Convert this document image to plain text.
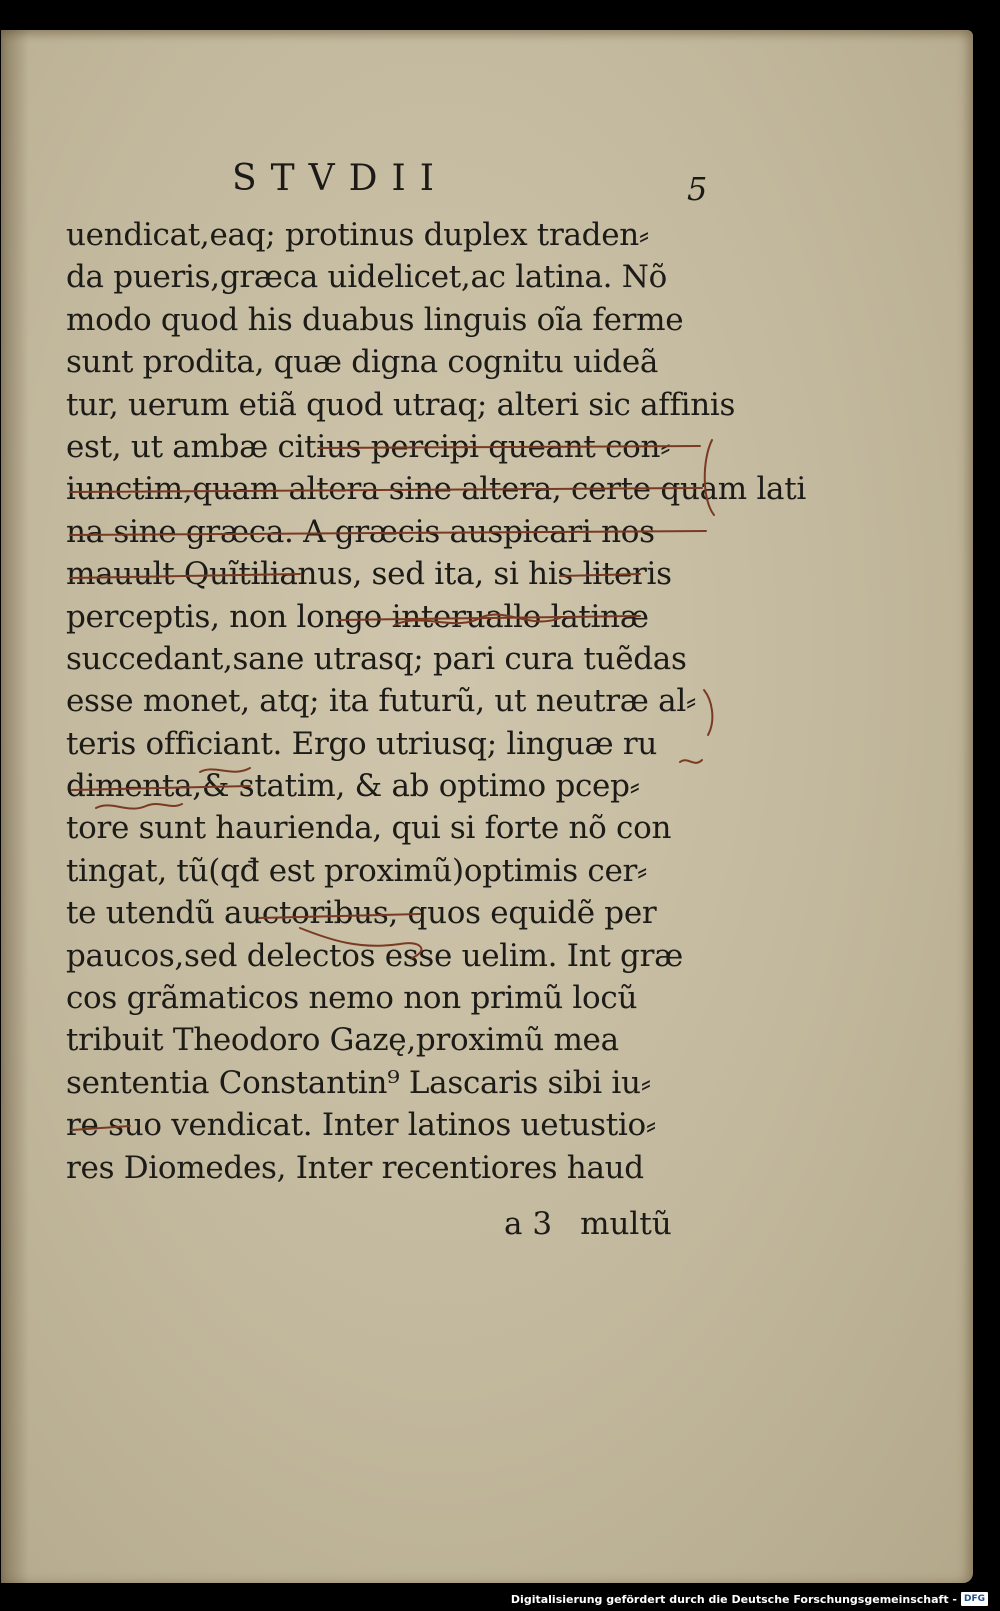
STVDII	5
uendicat,eaq; protinus duplex traden⸗
da pueris,græca uidelicet,ac latina. Nõ
modo quod his duabus linguis oĩa ferme
sunt prodita, quæ digna cognitu uideã
tur, uerum etiã quod utraq; alteri sic affinis
est, ut ambæ citius percipi queant con⸗
iunctim,quam altera sine altera, certe quam lati
na sine græca. A græcis auspicari nos
mauult Quĩtilianus, sed ita, si his literis
perceptis, non longo interuallo latinæ
succedant,sane utrasq; pari cura tuẽdas
esse monet, atq; ita futurũ, ut neutræ al⸗
teris officiant. Ergo utriusq; linguæ ru
dimenta,& statim, & ab optimo pcep⸗
tore sunt haurienda, qui si forte nõ con
tingat, tũ(qđ est proximũ)optimis cer⸗
te utendũ auctoribus, quos equidẽ per
paucos,sed delectos esse uelim. Int græ
cos grãmaticos nemo non primũ locũ
tribuit Theodoro Gazę,proximũ mea
sententia Constantin⁹ Lascaris sibi iu⸗
re suo vendicat. Inter latinos uetustio⸗
res Diomedes, Inter recentiores haud
a 3 multũ
Digitalisierung gefördert durch die Deutsche Forschungsgemeinschaft - DFG
